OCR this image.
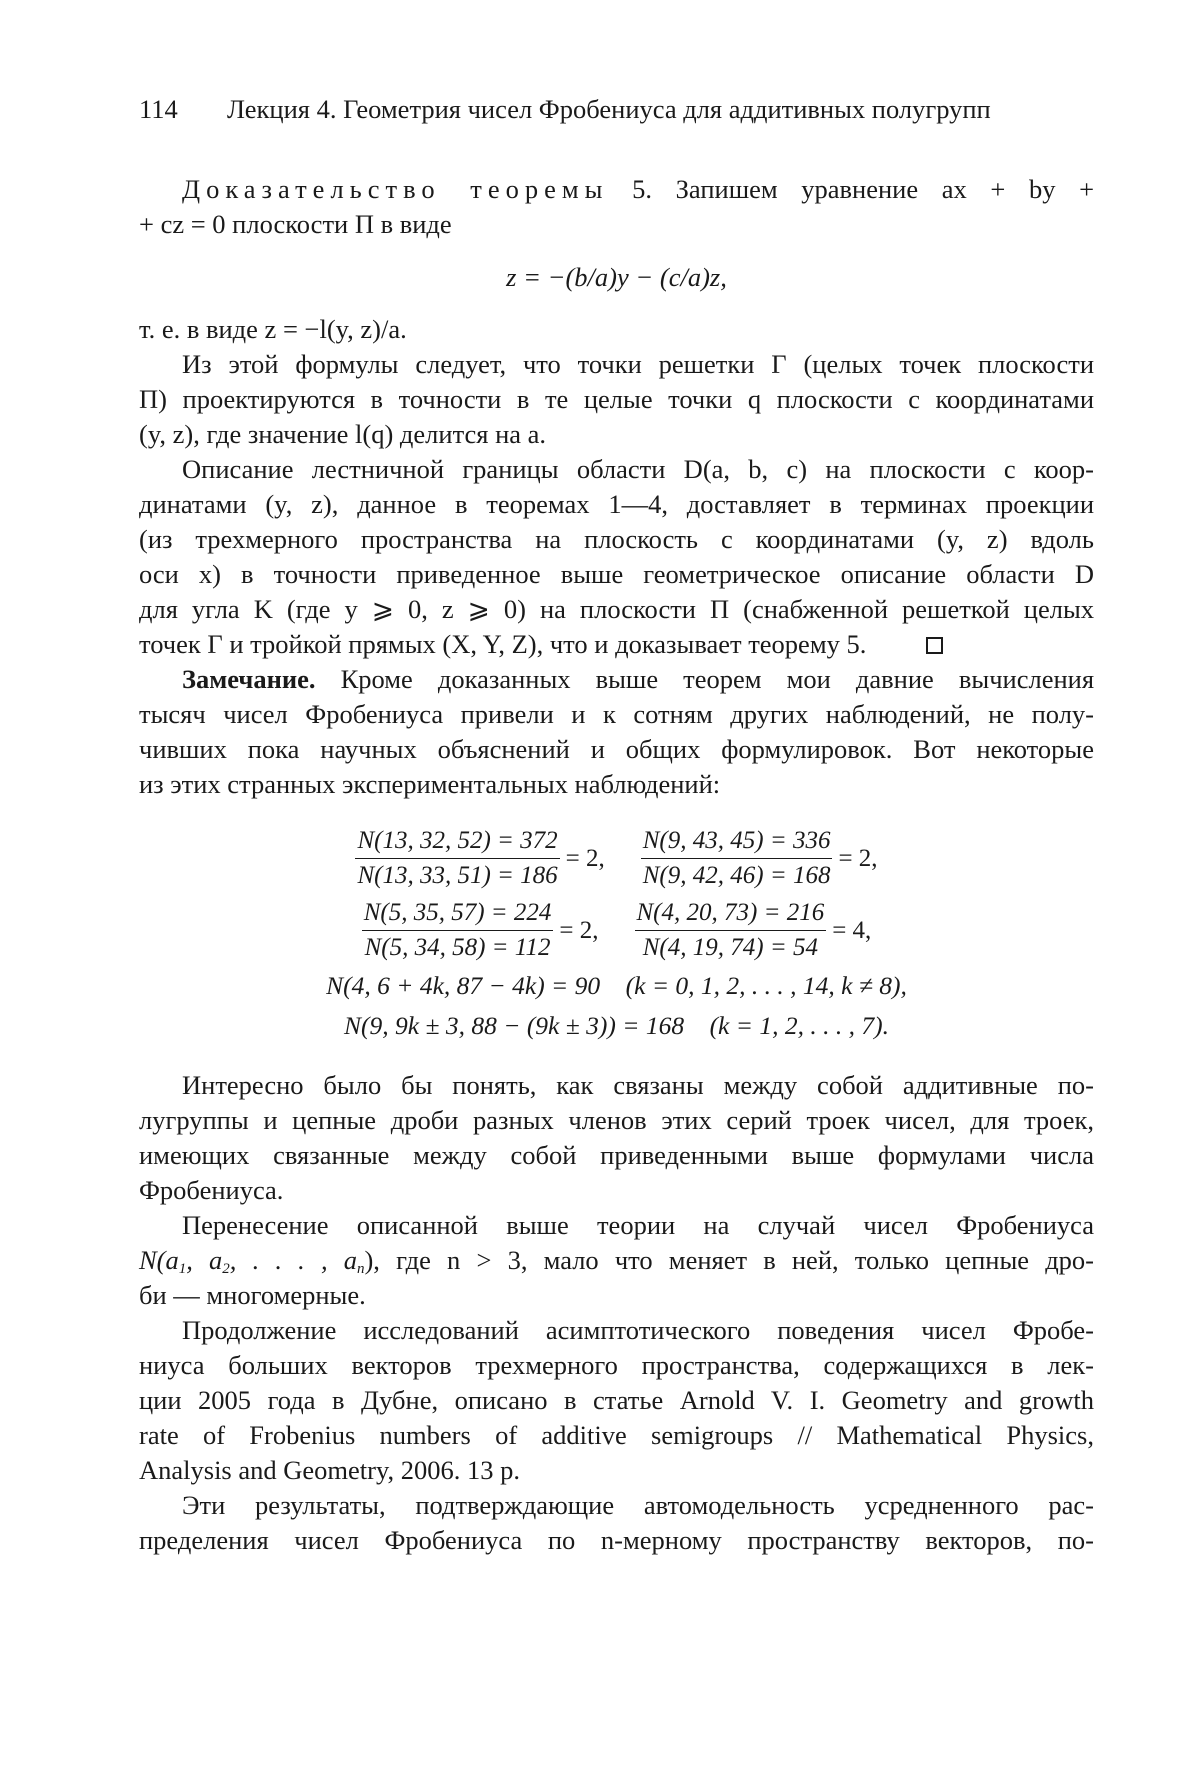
114 Лекция 4. Геометрия чисел Фробениуса для аддитивных полугрупп
Доказательство теоремы 5. Запишем уравнение ax + by +
+ cz = 0 плоскости Π в виде
z = −(b/a)y − (c/a)z,
т. е. в виде z = −l(y, z)/a.
Из этой формулы следует, что точки решетки Γ (целых точек плоскости
Π) проектируются в точности в те целые точки q плоскости с координатами
(y, z), где значение l(q) делится на a.
Описание лестничной границы области D(a, b, c) на плоскости с коор-
динатами (y, z), данное в теоремах 1—4, доставляет в терминах проекции
(из трехмерного пространства на плоскость с координатами (y, z) вдоль
оси x) в точности приведенное выше геометрическое описание области D
для угла K (где y ⩾ 0, z ⩾ 0) на плоскости Π (снабженной решеткой целых
точек Γ и тройкой прямых (X, Y, Z), что и доказывает теорему 5.
Замечание. Кроме доказанных выше теорем мои давние вычисления
тысяч чисел Фробениуса привели и к сотням других наблюдений, не полу-
чивших пока научных объяснений и общих формулировок. Вот некоторые
из этих странных экспериментальных наблюдений:
$\frac{N(13, 32, 52) = 372}{N(13, 33, 51) = 186} = 2$, $\frac{N(9, 43, 45) = 336}{N(9, 42, 46) = 168} = 2$,
$\frac{N(5, 35, 57) = 224}{N(5, 34, 58) = 112} = 2$, $\frac{N(4, 20, 73) = 216}{N(4, 19, 74) = 54} = 4$,
N(4, 6 + 4k, 87 − 4k) = 90    (k = 0, 1, 2, . . . , 14, k ≠ 8),
N(9, 9k ± 3, 88 − (9k ± 3)) = 168    (k = 1, 2, . . . , 7).
Интересно было бы понять, как связаны между собой аддитивные по-
лугруппы и цепные дроби разных членов этих серий троек чисел, для троек,
имеющих связанные между собой приведенными выше формулами числа
Фробениуса.
Перенесение описанной выше теории на случай чисел Фробениуса
$N(a_1$, $a_2$, . . . , $a_n$), где n > 3, мало что меняет в ней, только цепные дро-
би — многомерные.
Продолжение исследований асимптотического поведения чисел Фробе-
ниуса больших векторов трехмерного пространства, содержащихся в лек-
ции 2005 года в Дубне, описано в статье Arnold V. I. Geometry and growth
rate of Frobenius numbers of additive semigroups // Mathematical Physics,
Analysis and Geometry, 2006. 13 p.
Эти результаты, подтверждающие автомодельность усредненного рас-
пределения чисел Фробениуса по n-мерному пространству векторов, по-
